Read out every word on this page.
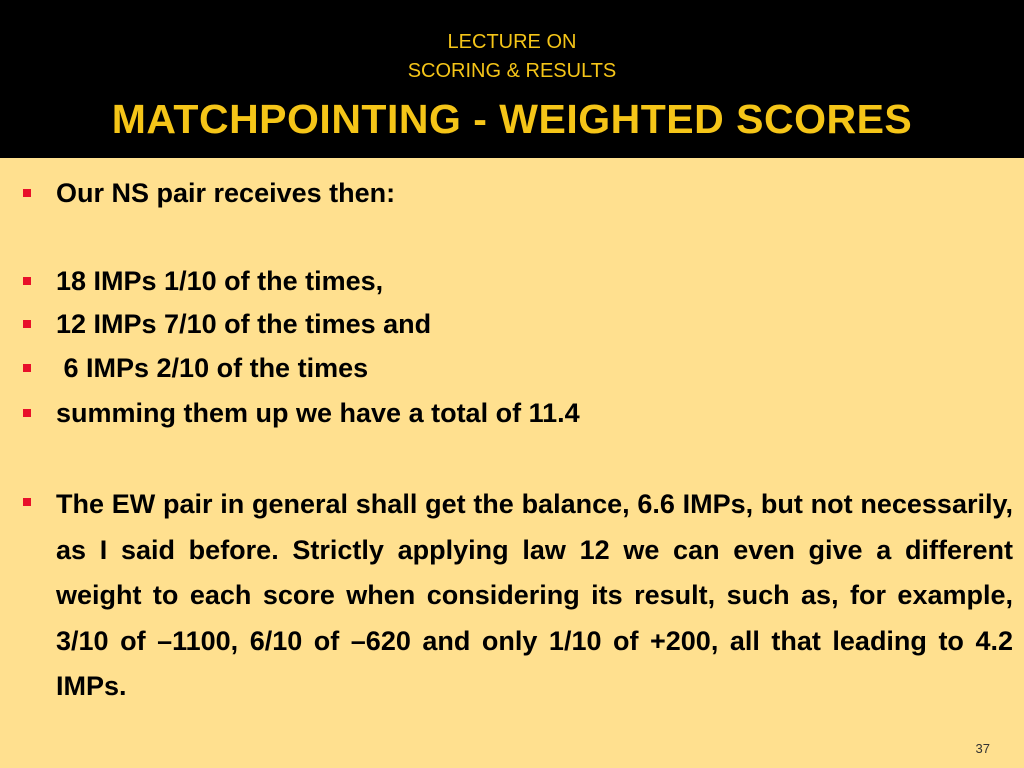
LECTURE ON
SCORING & RESULTS
MATCHPOINTING - WEIGHTED SCORES
Our NS pair receives then:
18 IMPs 1/10 of the times,
12 IMPs 7/10 of the times and
6 IMPs 2/10 of the times
summing them up we have a total of 11.4
The EW pair in general shall get the balance, 6.6 IMPs, but not necessarily, as I said before. Strictly applying law 12 we can even give a different weight to each score when considering its result, such as, for example, 3/10 of –1100, 6/10 of –620 and only 1/10 of +200, all that leading to 4.2 IMPs.
37
